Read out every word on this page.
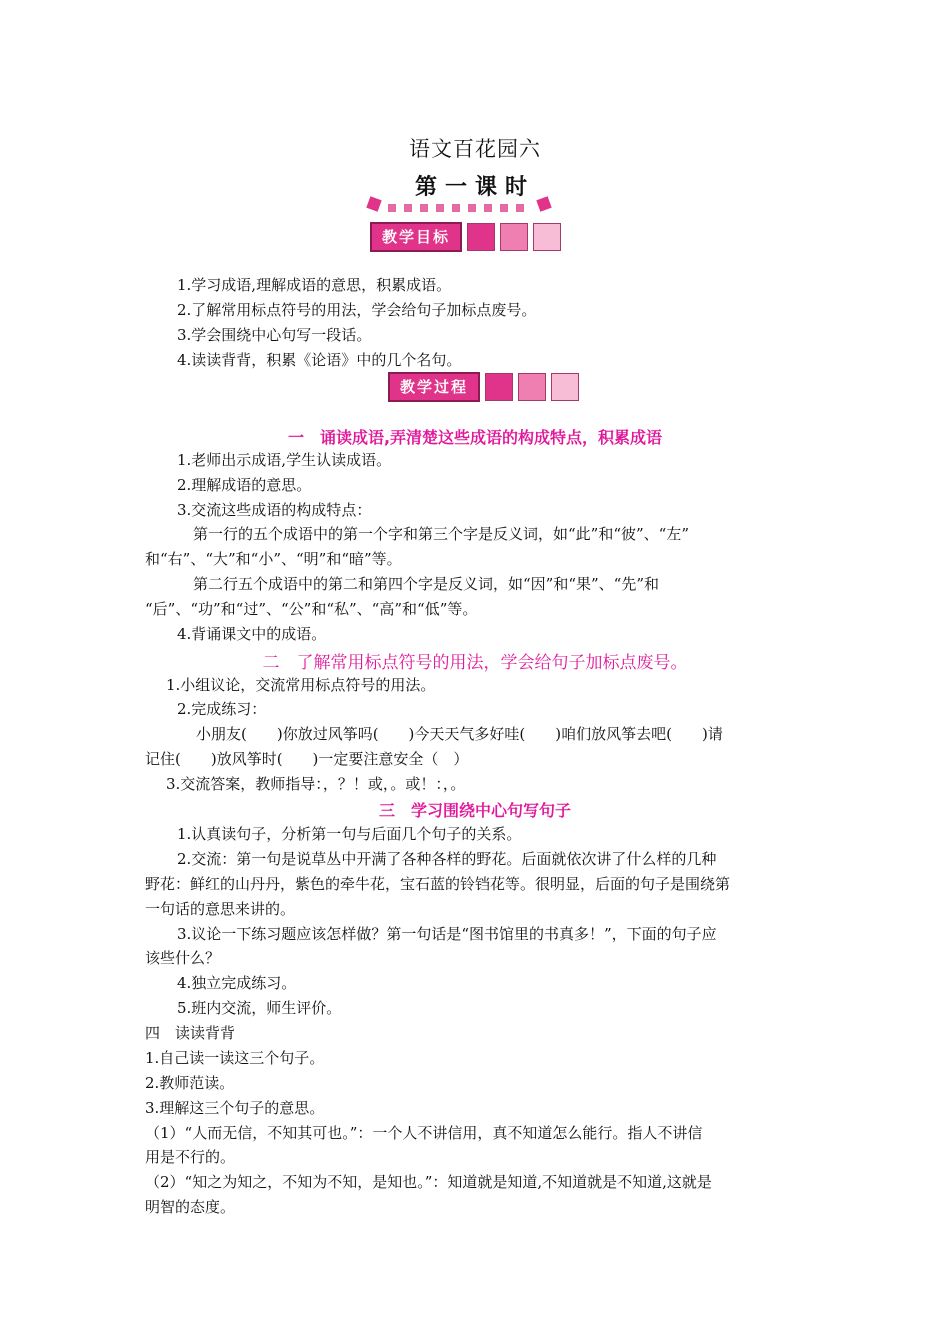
语文百花园六
第一课时
教学目标
1.学习成语,理解成语的意思，积累成语。
2.了解常用标点符号的用法，学会给句子加标点废号。
3.学会围绕中心句写一段话。
4.读读背背，积累《论语》中的几个名句。
教学过程
一　诵读成语,弄清楚这些成语的构成特点，积累成语
1.老师出示成语,学生认读成语。
2.理解成语的意思。
3.交流这些成语的构成特点：
第一行的五个成语中的第一个字和第三个字是反义词，如“此”和“彼”、“左”
和“右”、“大”和“小”、“明”和“暗”等。
第二行五个成语中的第二和第四个字是反义词，如“因”和“果”、“先”和
“后”、“功”和“过”、“公”和“私”、“高”和“低”等。
4.背诵课文中的成语。
二　了解常用标点符号的用法，学会给句子加标点废号。
1.小组议论，交流常用标点符号的用法。
2.完成练习：
小朋友(　　)你放过风筝吗(　　)今天天气多好哇(　　)咱们放风筝去吧(　　)请
记住(　　)放风筝时(　　)一定要注意安全（　）
3.交流答案，教师指导：，？！或，。或！：，。
三　学习围绕中心句写句子
1.认真读句子，分析第一句与后面几个句子的关系。
2.交流：第一句是说草丛中开满了各种各样的野花。后面就依次讲了什么样的几种
野花：鲜红的山丹丹，紫色的牵牛花，宝石蓝的铃铛花等。很明显，后面的句子是围绕第
一句话的意思来讲的。
3.议论一下练习题应该怎样做？第一句话是“图书馆里的书真多！”，下面的句子应
该些什么？
4.独立完成练习。
5.班内交流，师生评价。
四　读读背背
1.自己读一读这三个句子。
2.教师范读。
3.理解这三个句子的意思。
（1）“人而无信，不知其可也。”：一个人不讲信用，真不知道怎么能行。指人不讲信
用是不行的。
（2）“知之为知之，不知为不知，是知也。”：知道就是知道,不知道就是不知道,这就是
明智的态度。
